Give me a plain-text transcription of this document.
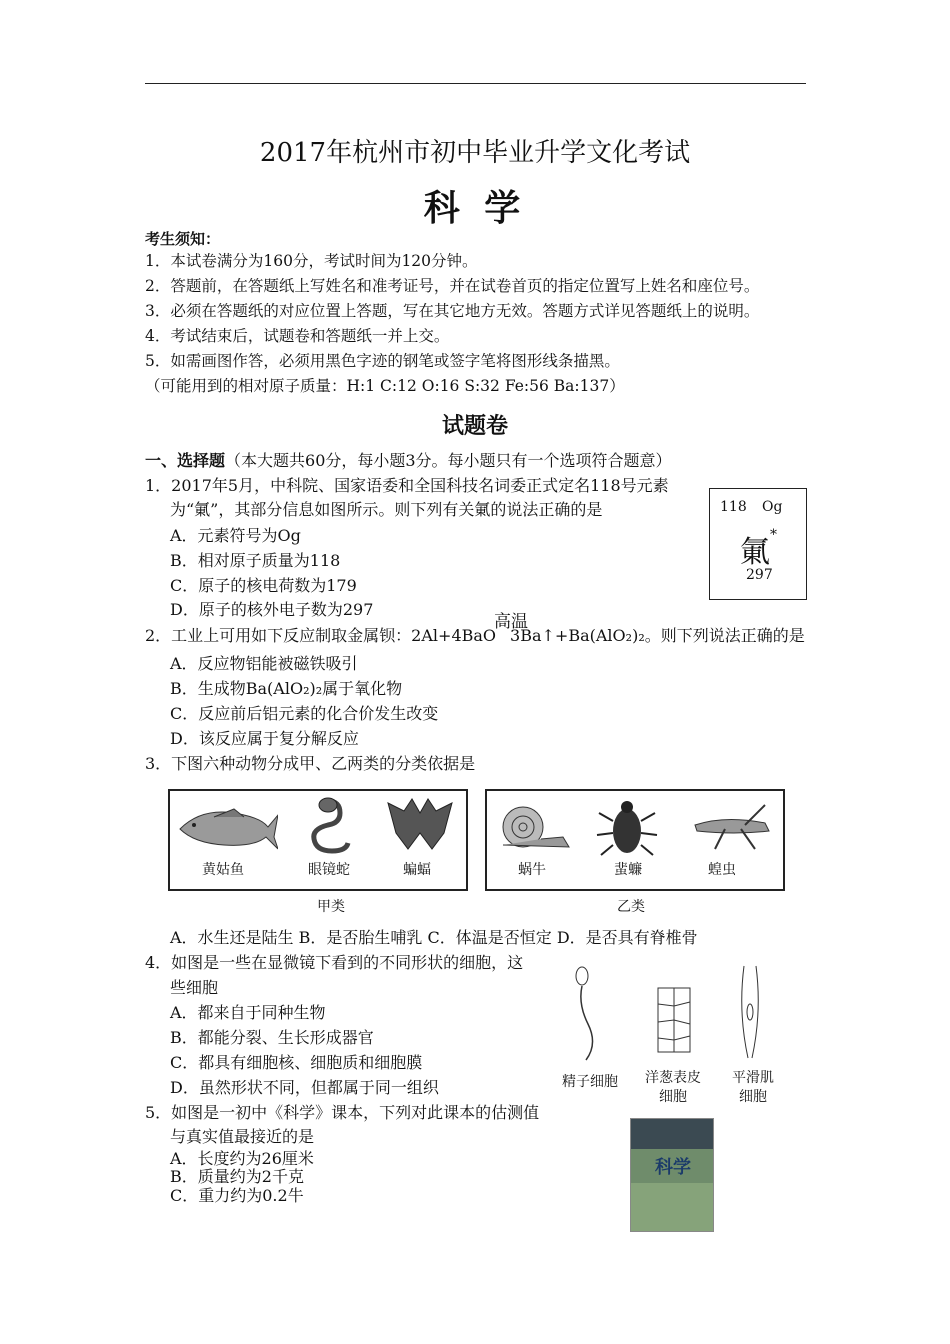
2017年杭州市初中毕业升学文化考试
科 学
考生须知：
1．本试卷满分为160分，考试时间为120分钟。
2．答题前，在答题纸上写姓名和准考证号，并在试卷首页的指定位置写上姓名和座位号。
3．必须在答题纸的对应位置上答题，写在其它地方无效。答题方式详见答题纸上的说明。
4．考试结束后，试题卷和答题纸一并上交。
5．如需画图作答，必须用黑色字迹的钢笔或签字笔将图形线条描黑。
（可能用到的相对原子质量：H:1 C:12 O:16 S:32 Fe:56 Ba:137）
试题卷
一、选择题（本大题共60分，每小题3分。每小题只有一个选项符合题意）
1．2017年5月，中科院、国家语委和全国科技名词委正式定名118号元素
为“氭”，其部分信息如图所示。则下列有关氭的说法正确的是
A．元素符号为Og
B．相对原子质量为118
C．原子的核电荷数为179
D．原子的核外电子数为297
118 Og
氭 *
297
2．工业上可用如下反应制取金属钡：2Al+4BaO
高温
3Ba↑+Ba(AlO₂)₂。则下列说法正确的是
A．反应物铝能被磁铁吸引
B．生成物Ba(AlO₂)₂属于氧化物
C．反应前后铝元素的化合价发生改变
D．该反应属于复分解反应
3．下图六种动物分成甲、乙两类的分类依据是
黄姑鱼	眼镜蛇	蝙蝠
甲类
蜗牛	蜚蠊	蝗虫
乙类
A．水生还是陆生 B．是否胎生哺乳 C．体温是否恒定 D．是否具有脊椎骨
4．如图是一些在显微镜下看到的不同形状的细胞，这
些细胞
A．都来自于同种生物
B．都能分裂、生长形成器官
C．都具有细胞核、细胞质和细胞膜
D．虽然形状不同，但都属于同一组织	精子细胞	洋葱表皮
细胞
平滑肌
细胞
5．如图是一初中《科学》课本，下列对此课本的估测值
与真实值最接近的是
A．长度约为26厘米
B．质量约为2千克
C．重力约为0.2牛
科学
